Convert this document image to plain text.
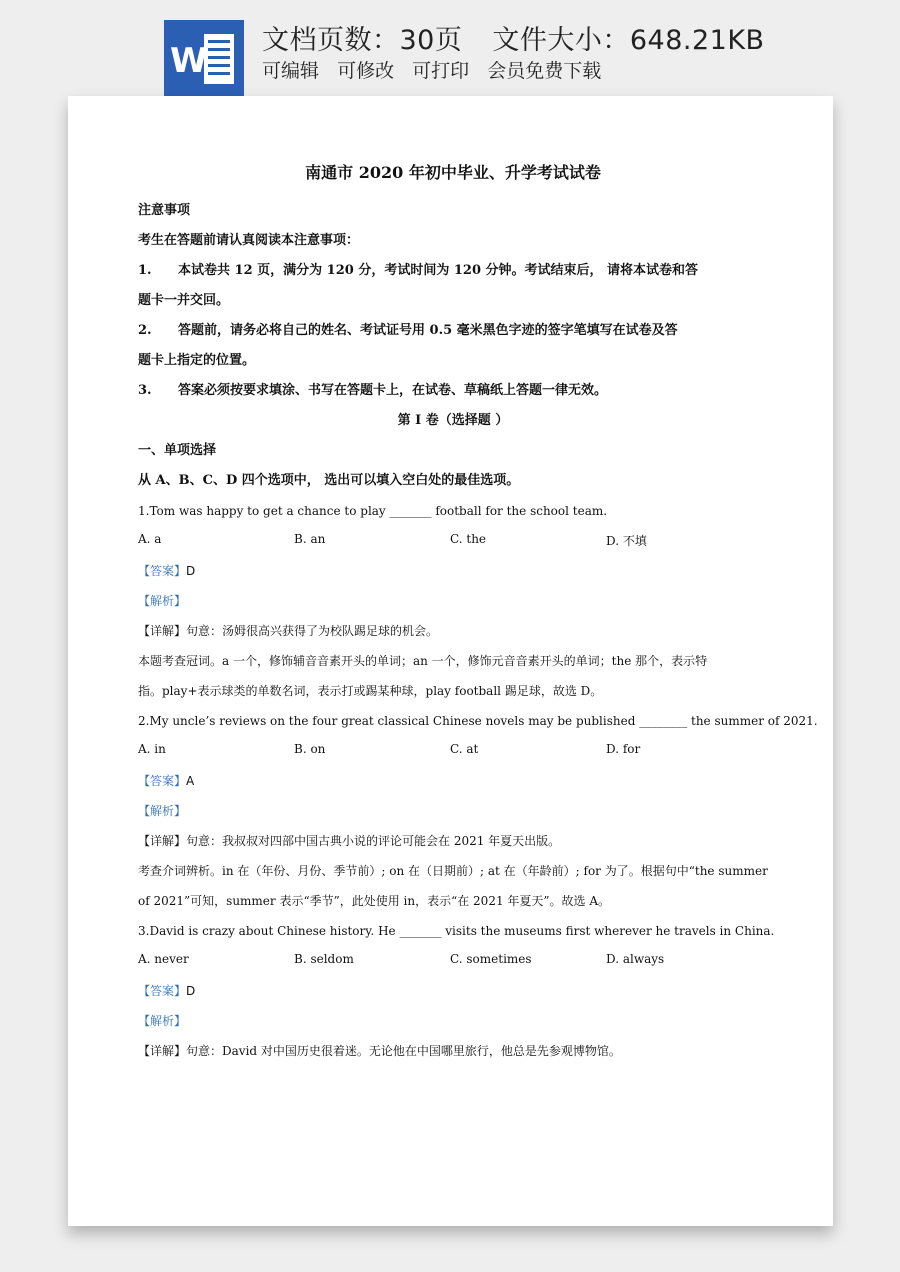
W
文档页数：30页 文件大小：648.21KB
可编辑 可修改 可打印 会员免费下载
南通市 2020 年初中毕业、升学考试试卷
注意事项
考生在答题前请认真阅读本注意事项：
1. 本试卷共 12 页，满分为 120 分，考试时间为 120 分钟。考试结束后， 请将本试卷和答
题卡一并交回。
2. 答题前，请务必将自己的姓名、考试证号用 0.5 毫米黑色字迹的签字笔填写在试卷及答
题卡上指定的位置。
3. 答案必须按要求填涂、书写在答题卡上，在试卷、草稿纸上答题一律无效。
第 I 卷（选择题 ）
一、单项选择
从 A、B、C、D 四个选项中， 选出可以填入空白处的最佳选项。
1.Tom was happy to get a chance to play _______ football for the school team.
A. a	B. an	C. the	D. 不填
【答案】D
【解析】
【详解】句意：汤姆很高兴获得了为校队踢足球的机会。
本题考查冠词。a 一个，修饰辅音音素开头的单词；an 一个，修饰元音音素开头的单词；the 那个，表示特
指。play+表示球类的单数名词，表示打或踢某种球，play football 踢足球，故选 D。
2.My uncle’s reviews on the four great classical Chinese novels may be published ________ the summer of 2021.
A. in	B. on	C. at	D. for
【答案】A
【解析】
【详解】句意：我叔叔对四部中国古典小说的评论可能会在 2021 年夏天出版。
考查介词辨析。in 在（年份、月份、季节前）; on 在（日期前）; at 在（年龄前）; for 为了。根据句中“the summer
of 2021”可知，summer 表示“季节”，此处使用 in，表示“在 2021 年夏天”。故选 A。
3.David is crazy about Chinese history. He _______ visits the museums first wherever he travels in China.
A. never	B. seldom	C. sometimes	D. always
【答案】D
【解析】
【详解】句意：David 对中国历史很着迷。无论他在中国哪里旅行，他总是先参观博物馆。
